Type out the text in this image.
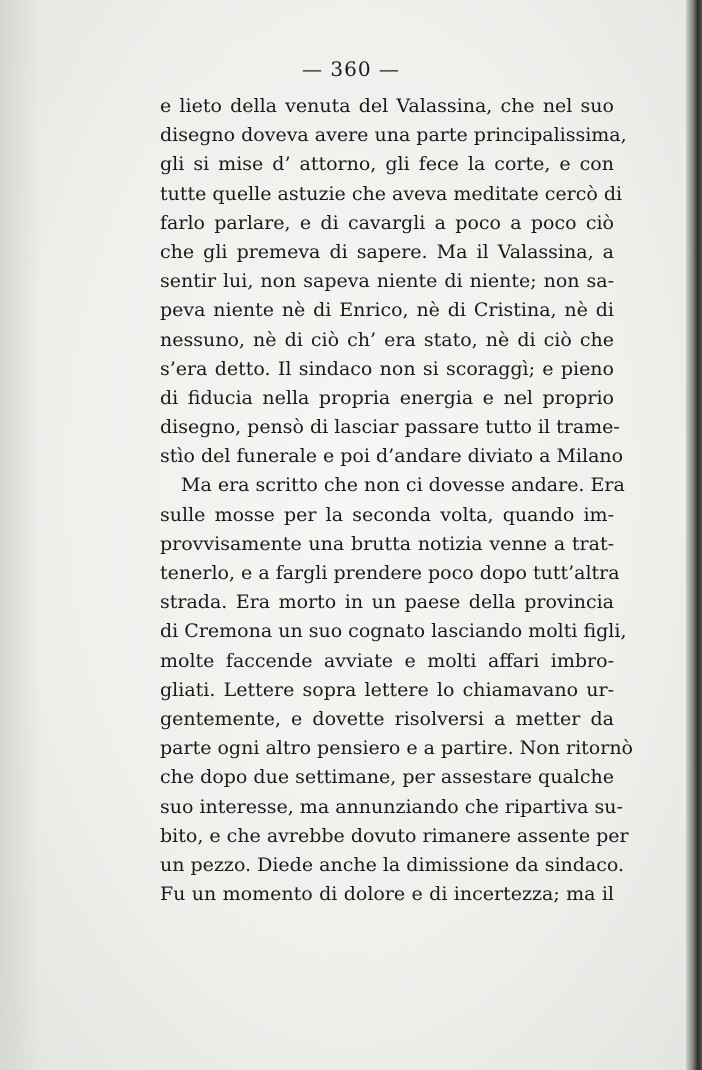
— 360 —
e lieto della venuta del Valassina, che nel suo
disegno doveva avere una parte principalissima,
gli si mise d’ attorno, gli fece la corte, e con
tutte quelle astuzie che aveva meditate cercò di
farlo parlare, e di cavargli a poco a poco ciò
che gli premeva di sapere. Ma il Valassina, a
sentir lui, non sapeva niente di niente; non sa-
peva niente nè di Enrico, nè di Cristina, nè di
nessuno, nè di ciò ch’ era stato, nè di ciò che
s’era detto. Il sindaco non si scoraggì; e pieno
di fiducia nella propria energia e nel proprio
disegno, pensò di lasciar passare tutto il trame-
stìo del funerale e poi d’andare diviato a Milano
Ma era scritto che non ci dovesse andare. Era
sulle mosse per la seconda volta, quando im-
provvisamente una brutta notizia venne a trat-
tenerlo, e a fargli prendere poco dopo tutt’altra
strada. Era morto in un paese della provincia
di Cremona un suo cognato lasciando molti figli,
molte faccende avviate e molti affari imbro-
gliati. Lettere sopra lettere lo chiamavano ur-
gentemente, e dovette risolversi a metter da
parte ogni altro pensiero e a partire. Non ritornò
che dopo due settimane, per assestare qualche
suo interesse, ma annunziando che ripartiva su-
bito, e che avrebbe dovuto rimanere assente per
un pezzo. Diede anche la dimissione da sindaco.
Fu un momento di dolore e di incertezza; ma il
